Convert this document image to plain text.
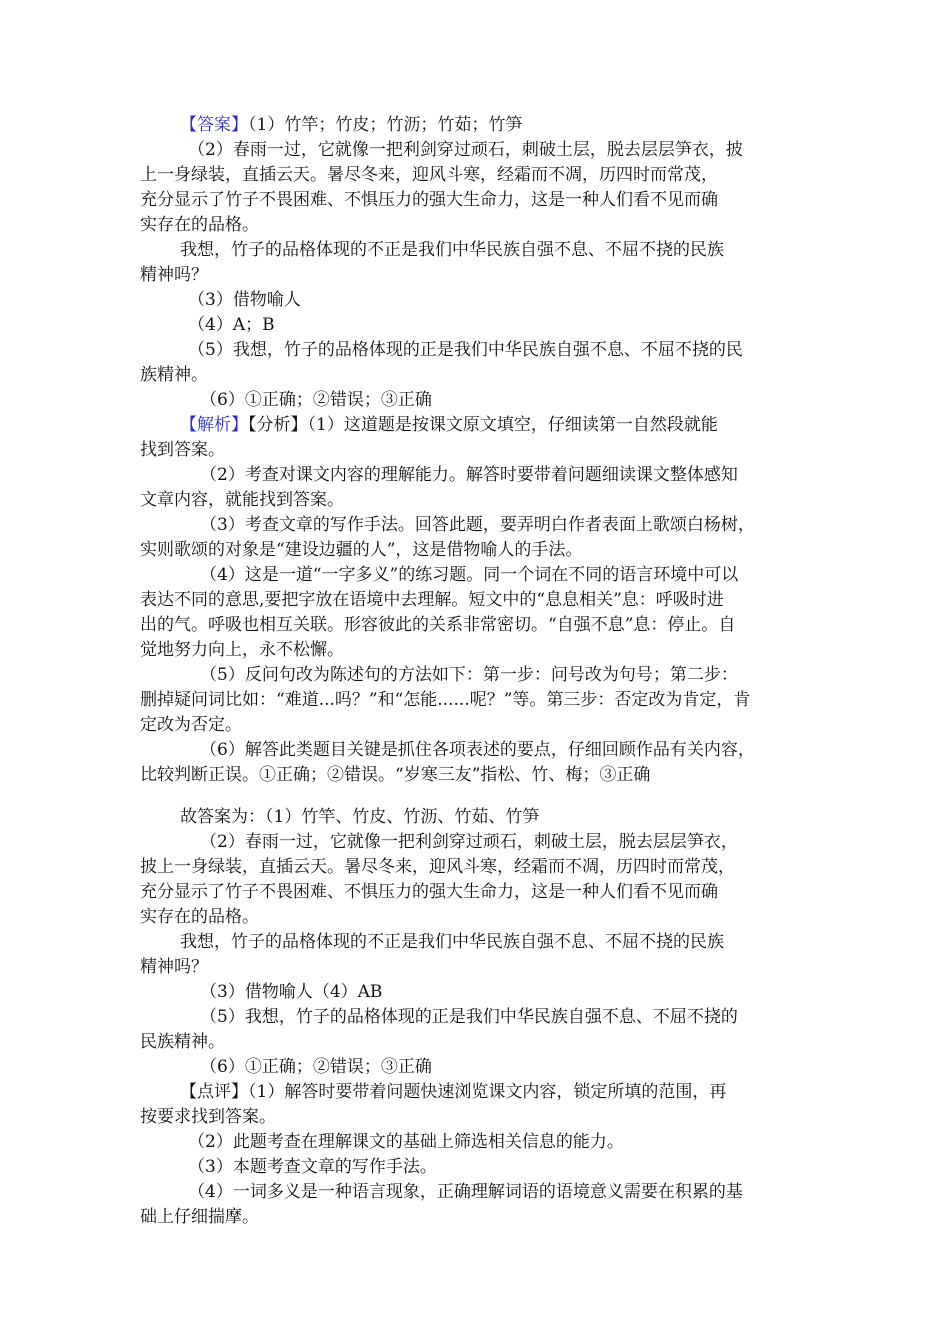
【答案】（1）竹竿；竹皮；竹沥；竹茹；竹笋
（2）春雨一过，它就像一把利剑穿过顽石，刺破土层，脱去层层笋衣，披
上一身绿装，直插云天。暑尽冬来，迎风斗寒，经霜而不凋，历四时而常茂，
充分显示了竹子不畏困难、不惧压力的强大生命力，这是一种人们看不见而确
实存在的品格。
我想，竹子的品格体现的不正是我们中华民族自强不息、不屈不挠的民族
精神吗？
（3）借物喻人
（4）A；B
（5）我想，竹子的品格体现的正是我们中华民族自强不息、不屈不挠的民
族精神。
（6）①正确；②错误；③正确
【解析】【分析】（1）这道题是按课文原文填空，仔细读第一自然段就能
找到答案。
（2）考查对课文内容的理解能力。解答时要带着问题细读课文整体感知
文章内容，就能找到答案。
（3）考查文章的写作手法。回答此题，要弄明白作者表面上歌颂白杨树，
实则歌颂的对象是“建设边疆的人”，这是借物喻人的手法。
（4）这是一道“一字多义”的练习题。同一个词在不同的语言环境中可以
表达不同的意思,要把字放在语境中去理解。短文中的“息息相关”息：呼吸时进
出的气。呼吸也相互关联。形容彼此的关系非常密切。“自强不息”息：停止。自
觉地努力向上，永不松懈。
（5）反问句改为陈述句的方法如下：第一步：问号改为句号；第二步：
删掉疑问词比如：“难道...吗？”和“怎能......呢？”等。第三步：否定改为肯定，肯
定改为否定。
（6）解答此类题目关键是抓住各项表述的要点，仔细回顾作品有关内容，
比较判断正误。①正确；②错误。“岁寒三友”指松、竹、梅；③正确
故答案为：（1）竹竿、竹皮、竹沥、竹茹、竹笋
（2）春雨一过，它就像一把利剑穿过顽石，刺破土层，脱去层层笋衣，
披上一身绿装，直插云天。暑尽冬来，迎风斗寒，经霜而不凋，历四时而常茂，
充分显示了竹子不畏困难、不惧压力的强大生命力，这是一种人们看不见而确
实存在的品格。
我想，竹子的品格体现的不正是我们中华民族自强不息、不屈不挠的民族
精神吗？
（3）借物喻人（4）AB
（5）我想，竹子的品格体现的正是我们中华民族自强不息、不屈不挠的
民族精神。
（6）①正确；②错误；③正确
【点评】（1）解答时要带着问题快速浏览课文内容，锁定所填的范围，再
按要求找到答案。
（2）此题考查在理解课文的基础上筛选相关信息的能力。
（3）本题考查文章的写作手法。
（4）一词多义是一种语言现象，正确理解词语的语境意义需要在积累的基
础上仔细揣摩。
